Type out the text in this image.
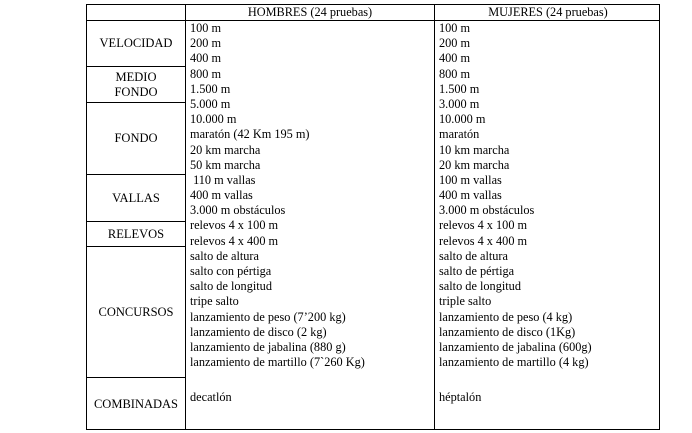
HOMBRES (24 pruebas)	MUJERES (24 pruebas)
VELOCIDAD
MEDIO FONDO
FONDO
VALLAS
RELEVOS
CONCURSOS
COMBINADAS
100 m
200 m
400 m
800 m
1.500 m
5.000 m
10.000 m
maratón (42 Km 195 m)
20 km marcha
50 km marcha
110 m vallas
400 m vallas
3.000 m obstáculos
relevos 4 x 100 m
relevos 4 x 400 m
salto de altura
salto con pértiga
salto de longitud
tripe salto
lanzamiento de peso (7’200 kg)
lanzamiento de disco (2 kg)
lanzamiento de jabalina (880 g)
lanzamiento de martillo (7`260 Kg)
decatlón
100 m
200 m
400 m
800 m
1.500 m
3.000 m
10.000 m
maratón
10 km marcha
20 km marcha
100 m vallas
400 m vallas
3.000 m obstáculos
relevos 4 x 100 m
relevos 4 x 400 m
salto de altura
salto de pértiga
salto de longitud
triple salto
lanzamiento de peso (4 kg)
lanzamiento de disco (1Kg)
lanzamiento de jabalina (600g)
lanzamiento de martillo (4 kg)
héptalón
